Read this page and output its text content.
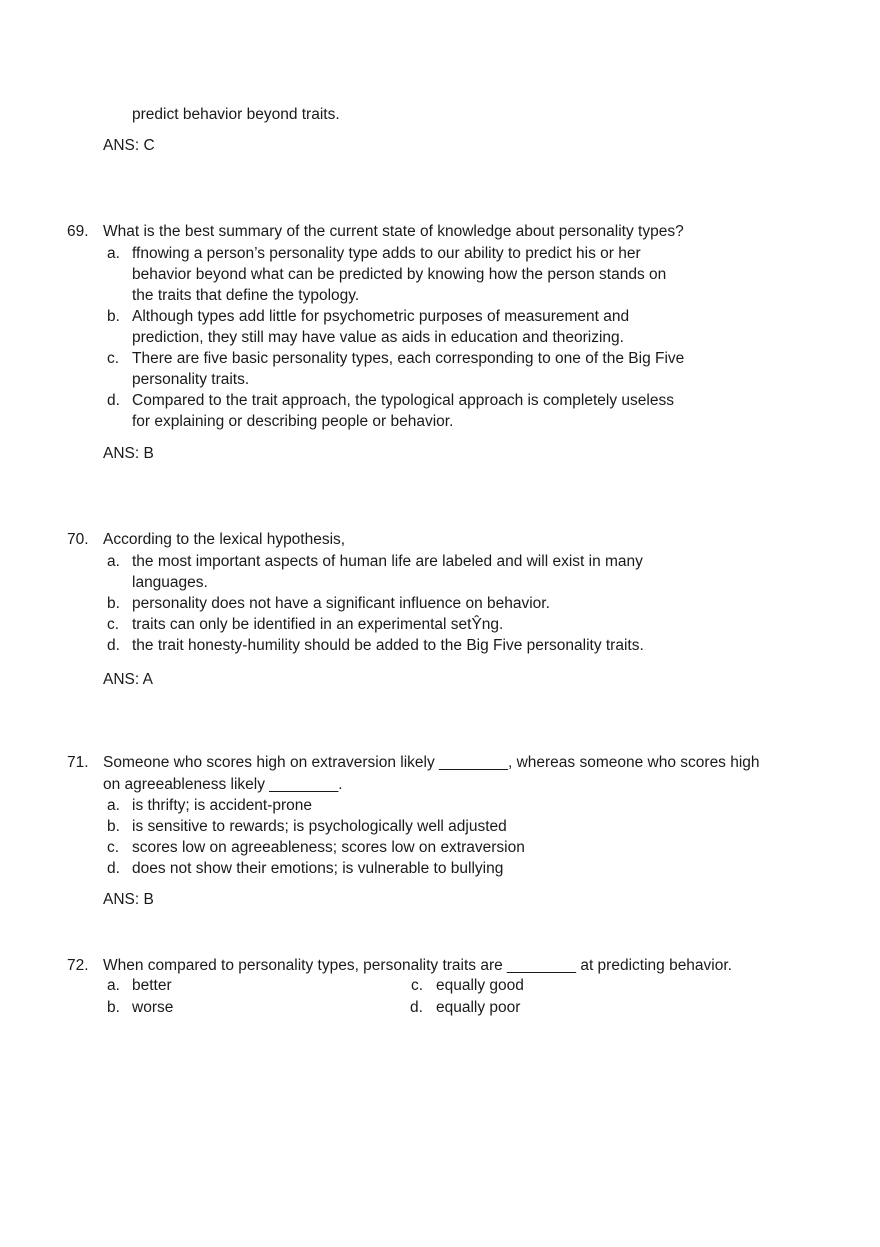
predict behavior beyond traits.
ANS: C
69. What is the best summary of the current state of knowledge about personality types?
a. ffnowing a person’s personality type adds to our ability to predict his or her
behavior beyond what can be predicted by knowing how the person stands on
the traits that define the typology.
b. Although types add little for psychometric purposes of measurement and
prediction, they still may have value as aids in education and theorizing.
c. There are five basic personality types, each corresponding to one of the Big Five
personality traits.
d. Compared to the trait approach, the typological approach is completely useless
for explaining or describing people or behavior.
ANS: B
70. According to the lexical hypothesis,
a. the most important aspects of human life are labeled and will exist in many
languages.
b. personality does not have a significant influence on behavior.
c. traits can only be identified in an experimental setŶng.
d. the trait honesty-humility should be added to the Big Five personality traits.
ANS: A
71. Someone who scores high on extraversion likely ________, whereas someone who scores high
on agreeableness likely ________.
a. is thrifty; is accident-prone
b. is sensitive to rewards; is psychologically well adjusted
c. scores low on agreeableness; scores low on extraversion
d. does not show their emotions; is vulnerable to bullying
ANS: B
72. When compared to personality types, personality traits are ________ at predicting behavior.
a. better
b. worse
c. equally good
d. equally poor
